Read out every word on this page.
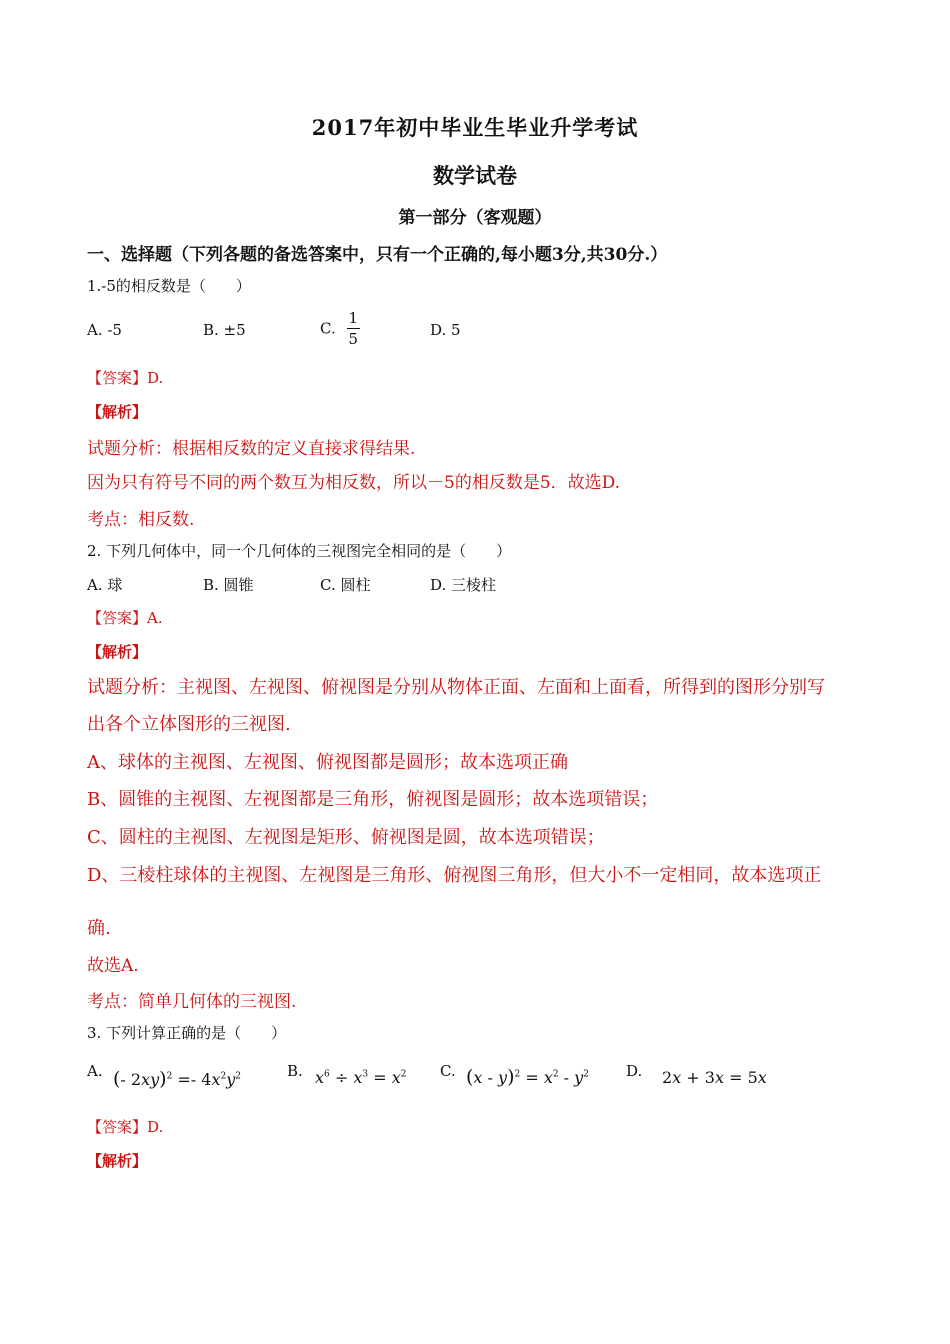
2017年初中毕业生毕业升学考试
数学试卷
第一部分（客观题）
一、选择题（下列各题的备选答案中，只有一个正确的,每小题3分,共30分.）
1.-5的相反数是（　　）
A. -5	B. ±5	C. $\frac{1}{5}$	D. 5
【答案】D.
【解析】
试题分析：根据相反数的定义直接求得结果.
因为只有符号不同的两个数互为相反数，所以－5的相反数是5．故选D.
考点：相反数.
2. 下列几何体中，同一个几何体的三视图完全相同的是（　　）
A. 球	B. 圆锥	C. 圆柱	D. 三棱柱
【答案】A.
【解析】
试题分析：主视图、左视图、俯视图是分别从物体正面、左面和上面看，所得到的图形分别写
出各个立体图形的三视图.
A、球体的主视图、左视图、俯视图都是圆形；故本选项正确
B、圆锥的主视图、左视图都是三角形，俯视图是圆形；故本选项错误；
C、圆柱的主视图、左视图是矩形、俯视图是圆，故本选项错误；
D、三棱柱球体的主视图、左视图是三角形、俯视图三角形，但大小不一定相同，故本选项正
确.
故选A.
考点：简单几何体的三视图.
3. 下列计算正确的是（　　）
A. (- $2xy)^2 =- 4x^2y^2$	B. $x^6 \div x^3 = x^2$ C. $(x - y)^2 = x^2 - y^2$ D. 2x + 3x = 5x
【答案】D.
【解析】
